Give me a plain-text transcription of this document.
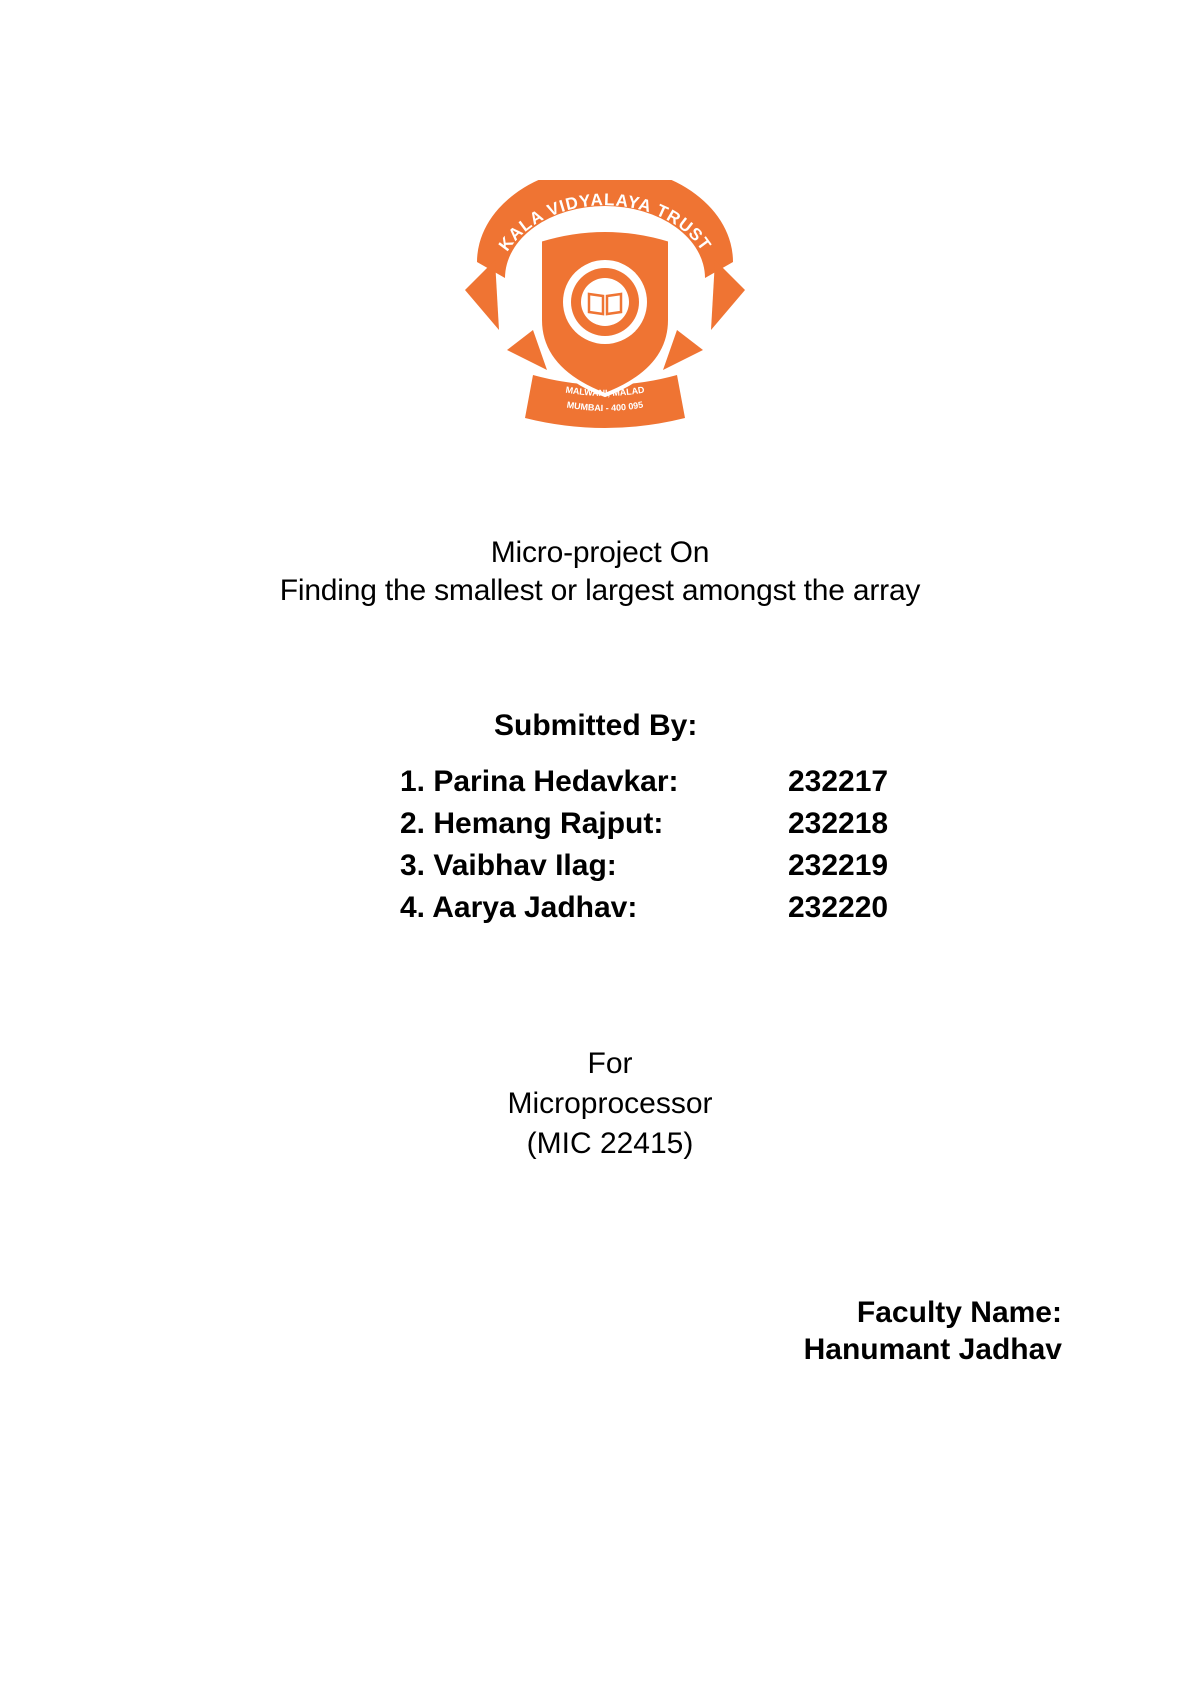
KALA VIDYALAYA TRUST
MALWANI, MALAD
MUMBAI - 400 095
Micro-project On
Finding the smallest or largest amongst the array
Submitted By:
1. Parina Hedavkar:	232217
2. Hemang Rajput:	232218
3. Vaibhav Ilag:	232219
4. Aarya Jadhav:	232220
For
Microprocessor
(MIC 22415)
Faculty Name:
Hanumant Jadhav
